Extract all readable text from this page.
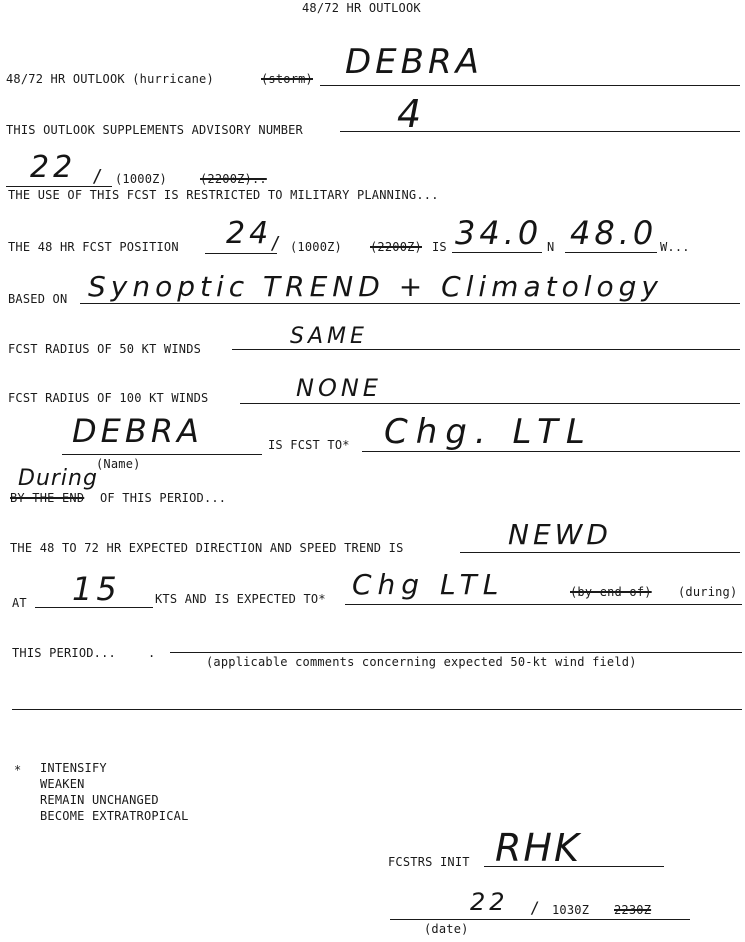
48/72 HR OUTLOOK
48/72 HR OUTLOOK (hurricane)	(storm) DEBRA
THIS OUTLOOK SUPPLEMENTS ADVISORY NUMBER 4
22 / (1000Z)	(2200Z)..
THE USE OF THIS FCST IS RESTRICTED TO MILITARY PLANNING...
THE 48 HR FCST POSITION 24
/ (1000Z) (2200Z) IS 34.0 N 48.0 W...
BASED ON Synoptic TREND + Climatology
FCST RADIUS OF 50 KT WINDS	SAME
FCST RADIUS OF 100 KT WINDS	NONE
DEBRA
(Name)
IS FCST TO* Chg. LTL
During
BY THE END OF THIS PERIOD...
THE 48 TO 72 HR EXPECTED DIRECTION AND SPEED TREND IS	NEWD
AT 15	KTS AND IS EXPECTED TO* Chg LTL	(by end of) (during)
THIS PERIOD...	.
(applicable comments concerning expected 50-kt wind field)
* INTENSIFY
WEAKEN
REMAIN UNCHANGED
BECOME EXTRATROPICAL
FCSTRS INIT RHK
22 / 1030Z 2230Z
(date)
